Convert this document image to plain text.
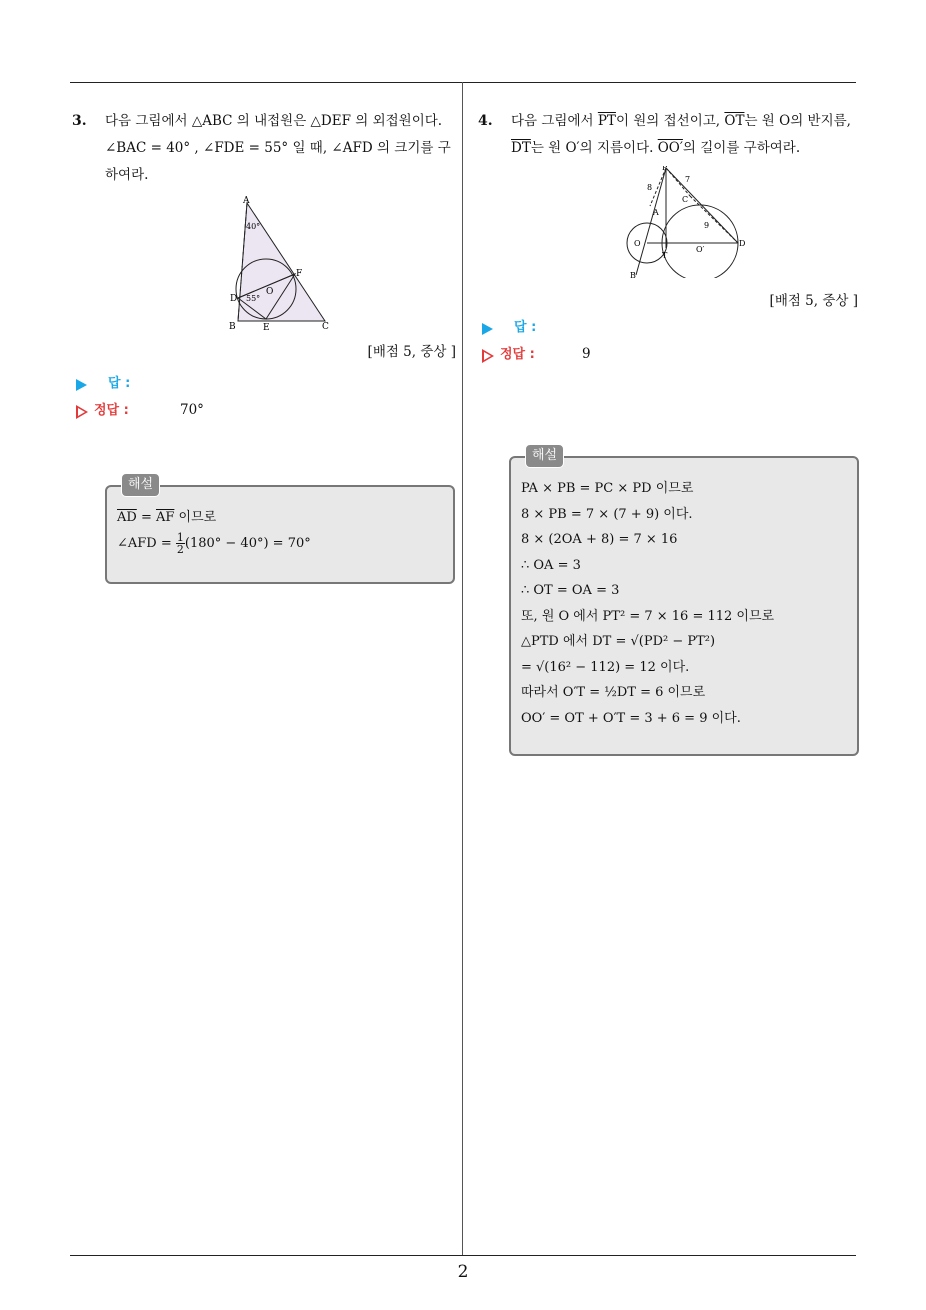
2
3. 다음 그림에서 △ABC 의 내접원은 △DEF 의 외접원이다. ∠BAC = 40° , ∠FDE = 55° 일 때, ∠AFD 의 크기를 구하여라.
A
40°
D 55°
O
F
B	E	C
[배점 5, 중상 ]
답 :
정답 :	70°
해설
$\overline{AD} = \overline{AF}$ 이므로
∠AFD = $\frac{1}{2} (180^\circ - 40^\circ) = 70^\circ$
4. 다음 그림에서 $\overline{PT}$이 원의 접선이고, $\overline{OT}$는 원 O의 반지름, $\overline{DT}$는 원 O′의 지름이다. OO′의 길이를 구하여라.
P
8
7
A
C
9
O
O′
D
T
B
[배점 5, 중상 ]
답 :
정답 :	9
해설
PA × PB = PC × PD 이므로
8 × PB = 7 × (7 + 9) 이다.
8 × (2OA + 8) = 7 × 16
∴ OA = 3
∴ OT = OA = 3
또, 원 O 에서 PT² = 7 × 16 = 112 이므로
△PTD 에서 DT = √(PD² − PT²)
= √(16² − 112) = 12 이다.
따라서 O′T = ½DT = 6 이므로
OO′ = OT + O′T = 3 + 6 = 9 이다.
